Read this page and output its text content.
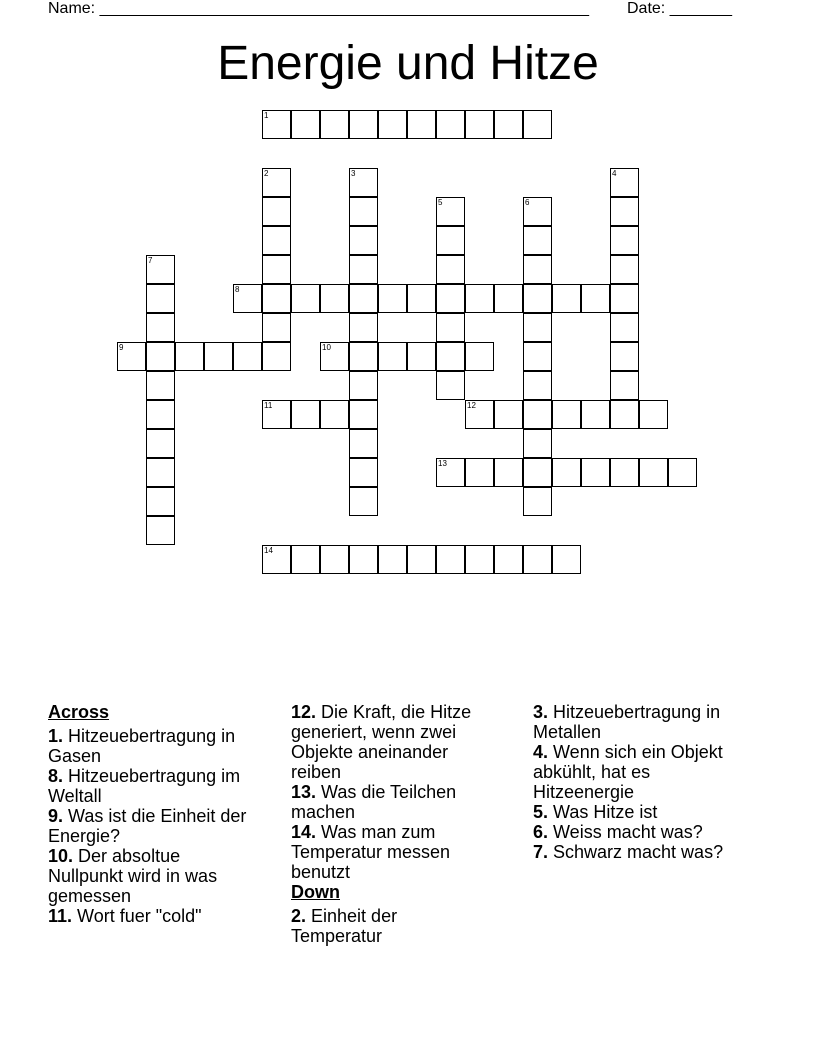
Name: _______________________________________________________ Date: _______
Energie und Hitze
1
2	3	4
5	6
7
8
9	10
11	12
13
14
Across
1. Hitzeuebertragung in Gasen
8. Hitzeuebertragung im Weltall
9. Was ist die Einheit der Energie?
10. Der absoltue Nullpunkt wird in was gemessen
11. Wort fuer "cold"
12. Die Kraft, die Hitze generiert, wenn zwei Objekte aneinander reiben
13. Was die Teilchen machen
14. Was man zum Temperatur messen benutzt
Down
2. Einheit der Temperatur
3. Hitzeuebertragung in Metallen
4. Wenn sich ein Objekt abkühlt, hat es Hitzeenergie
5. Was Hitze ist
6. Weiss macht was?
7. Schwarz macht was?
